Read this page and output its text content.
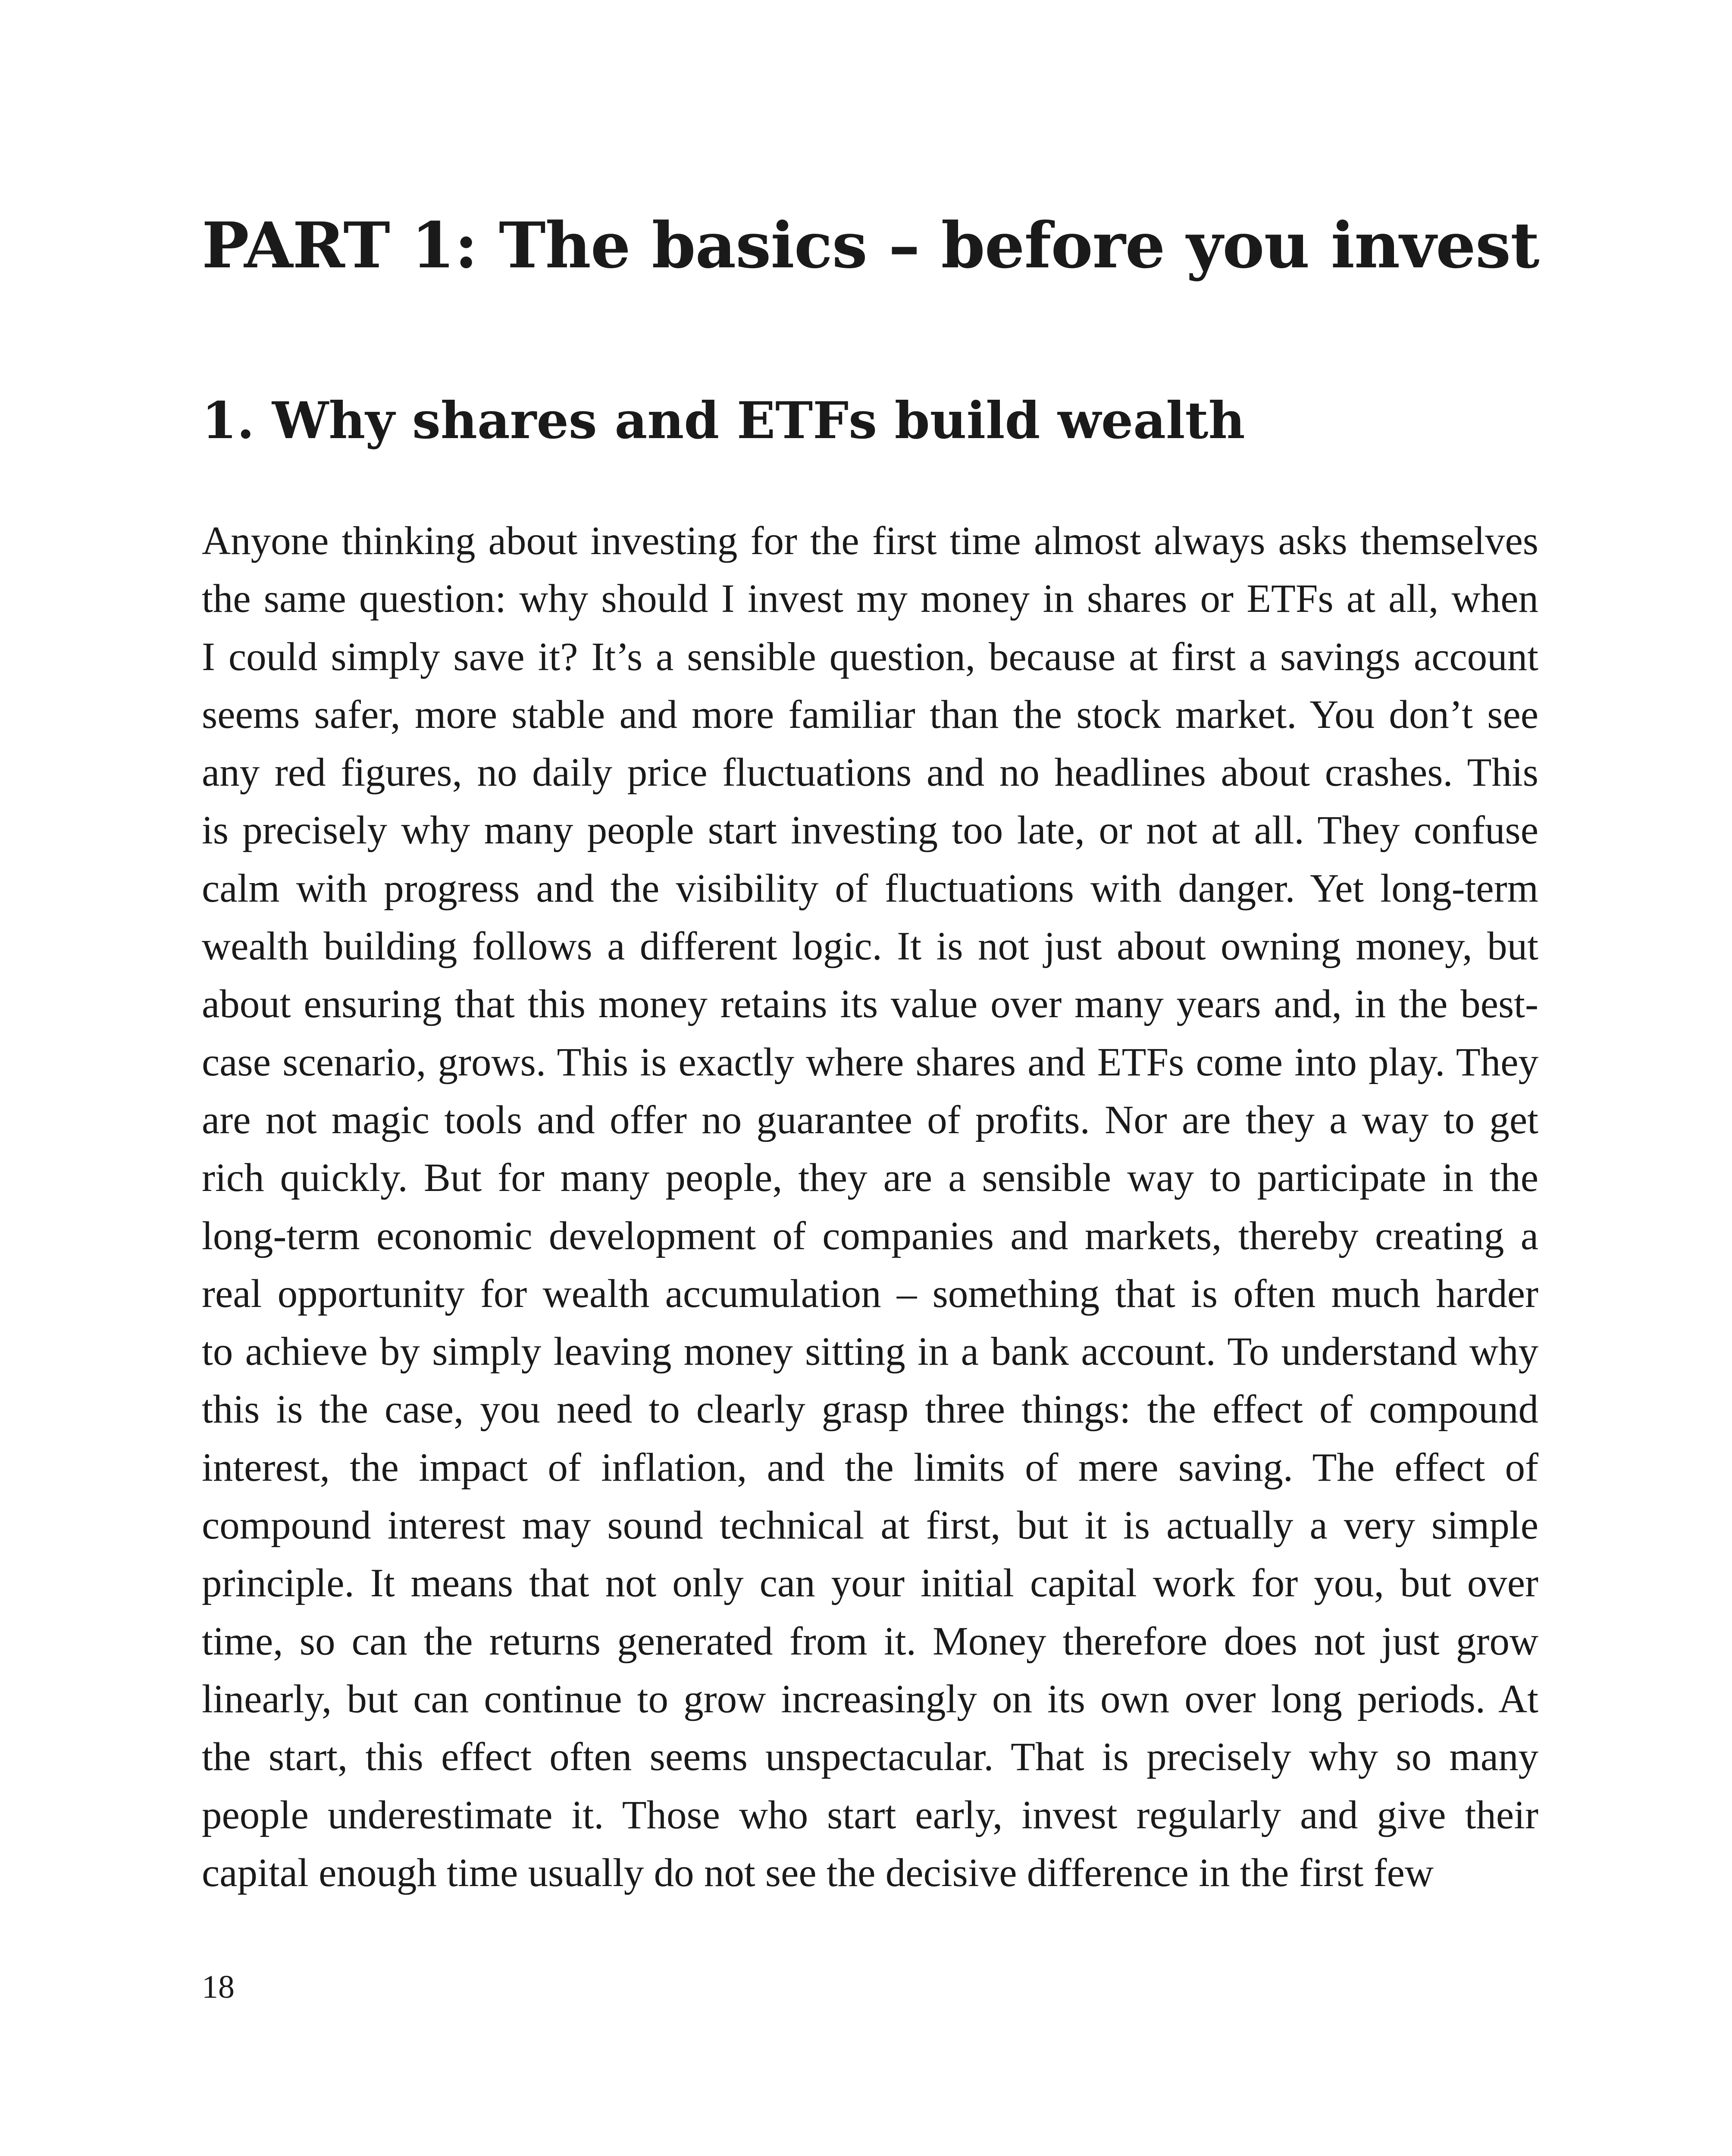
PART 1: The basics – before you invest
1. Why shares and ETFs build wealth
Anyone thinking about investing for the first time almost always asks themselves
the same question: why should I invest my money in shares or ETFs at all, when
I could simply save it? It’s a sensible question, because at first a savings account
seems safer, more stable and more familiar than the stock market. You don’t see
any red figures, no daily price fluctuations and no headlines about crashes. This
is precisely why many people start investing too late, or not at all. They confuse
calm with progress and the visibility of fluctuations with danger. Yet long-term
wealth building follows a different logic. It is not just about owning money, but
about ensuring that this money retains its value over many years and, in the best-
case scenario, grows. This is exactly where shares and ETFs come into play. They
are not magic tools and offer no guarantee of profits. Nor are they a way to get
rich quickly. But for many people, they are a sensible way to participate in the
long-term economic development of companies and markets, thereby creating a
real opportunity for wealth accumulation – something that is often much harder
to achieve by simply leaving money sitting in a bank account. To understand why
this is the case, you need to clearly grasp three things: the effect of compound
interest, the impact of inflation, and the limits of mere saving. The effect of
compound interest may sound technical at first, but it is actually a very simple
principle. It means that not only can your initial capital work for you, but over
time, so can the returns generated from it. Money therefore does not just grow
linearly, but can continue to grow increasingly on its own over long periods. At
the start, this effect often seems unspectacular. That is precisely why so many
people underestimate it. Those who start early, invest regularly and give their
capital enough time usually do not see the decisive difference in the first few
18
